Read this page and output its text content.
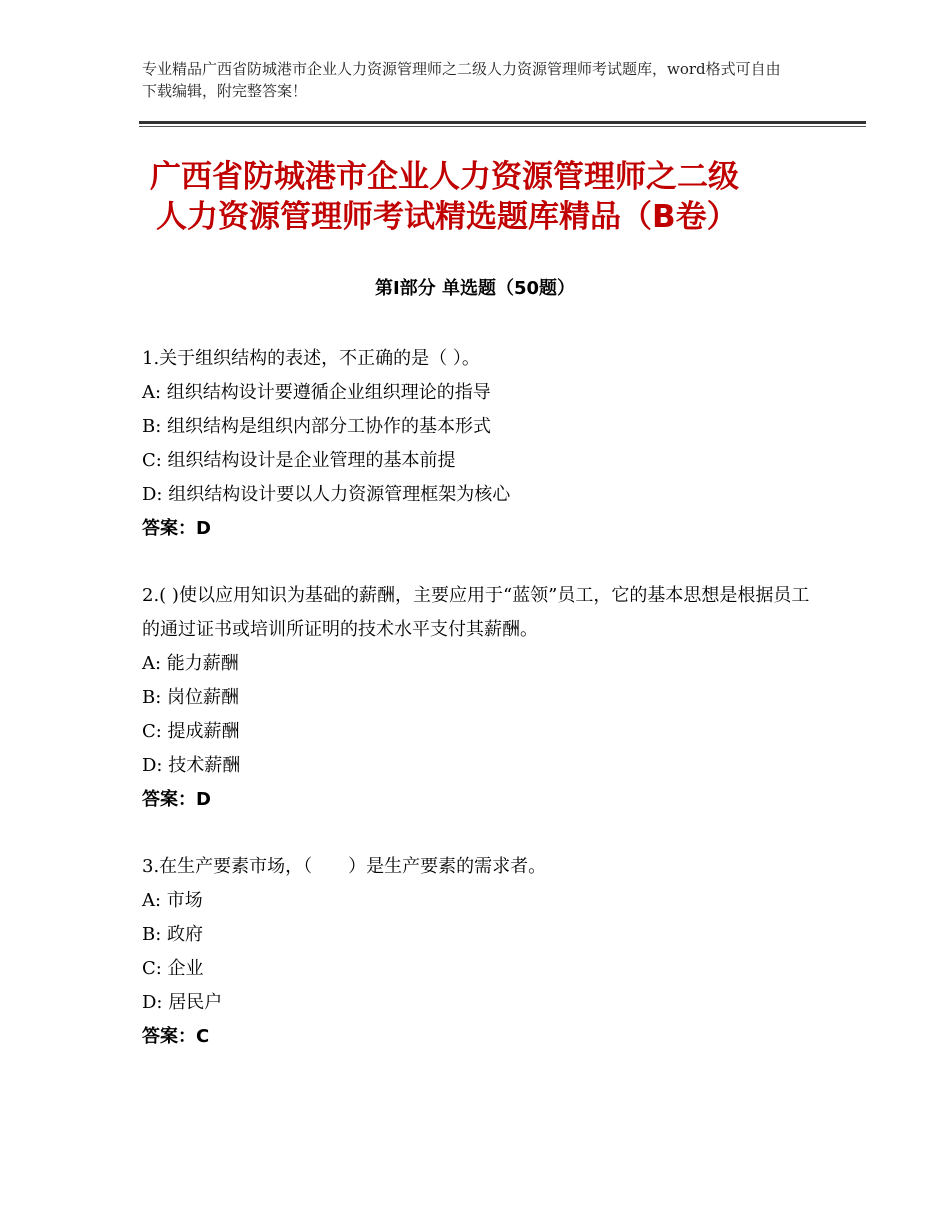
专业精品广西省防城港市企业人力资源管理师之二级人力资源管理师考试题库，word格式可自由下载编辑，附完整答案！
广西省防城港市企业人力资源管理师之二级
人力资源管理师考试精选题库精品（B卷）
第Ⅰ部分 单选题（50题）
1.关于组织结构的表述，不正确的是（ ）。
A: 组织结构设计要遵循企业组织理论的指导
B: 组织结构是组织内部分工协作的基本形式
C: 组织结构设计是企业管理的基本前提
D: 组织结构设计要以人力资源管理框架为核心
答案：D
2.( )使以应用知识为基础的薪酬，主要应用于“蓝领”员工，它的基本思想是根据员工的通过证书或培训所证明的技术水平支付其薪酬。
A: 能力薪酬
B: 岗位薪酬
C: 提成薪酬
D: 技术薪酬
答案：D
3.在生产要素市场，（　　）是生产要素的需求者。
A: 市场
B: 政府
C: 企业
D: 居民户
答案：C
